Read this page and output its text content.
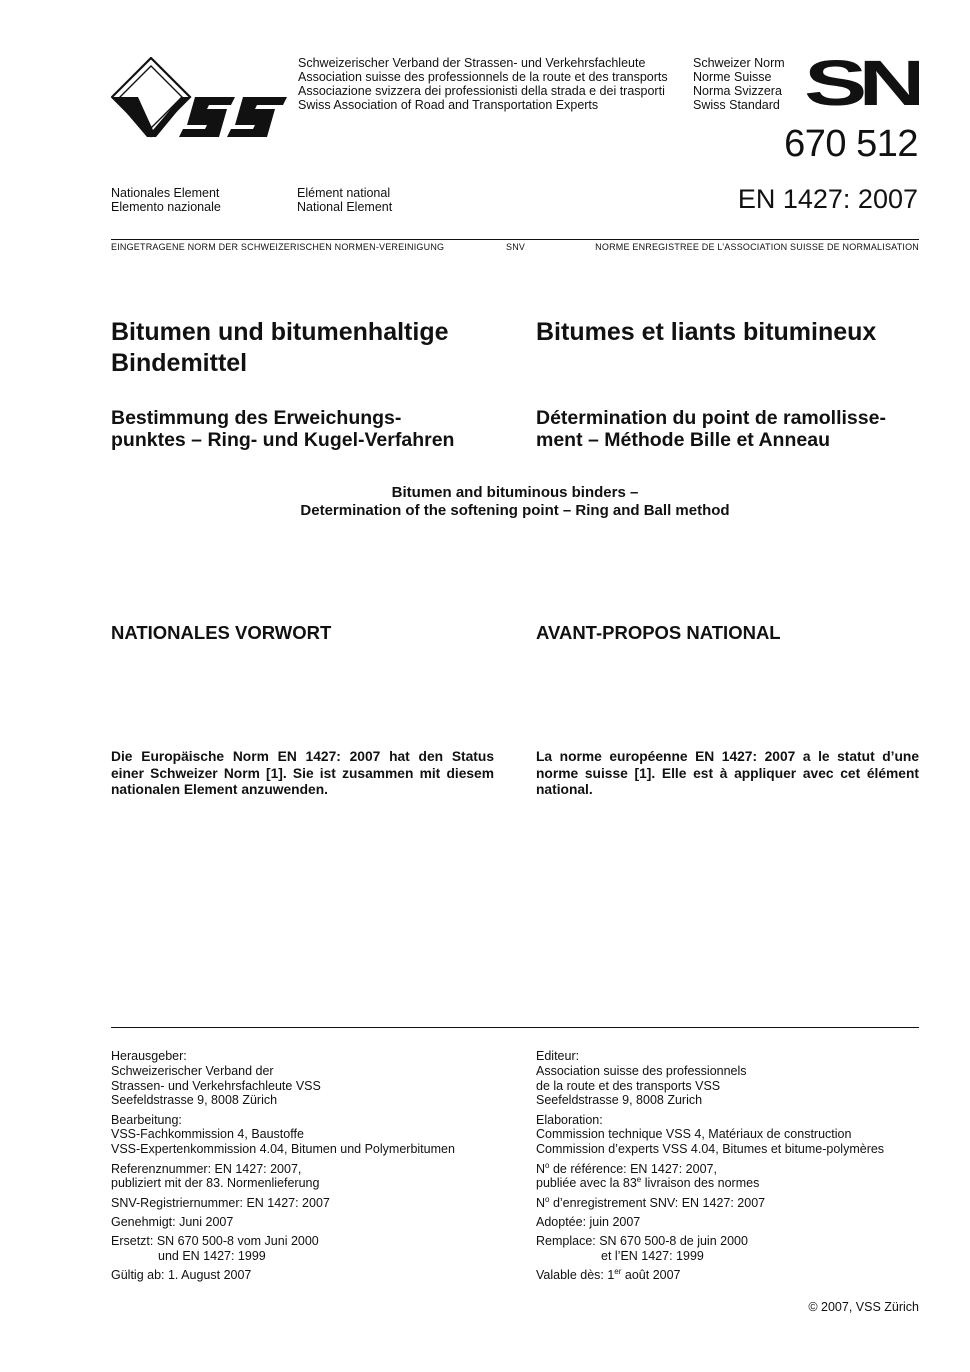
Schweizerischer Verband der Strassen- und Verkehrsfachleute
Association suisse des professionnels de la route et des transports
Associazione svizzera dei professionisti della strada e dei trasporti
Swiss Association of Road and Transportation Experts
Schweizer Norm
Norme Suisse
Norma Svizzera
Swiss Standard SN
670 512
EN 1427: 2007
Nationales Element
Elemento nazionale
Elément national
National Element
EINGETRAGENE NORM DER SCHWEIZERISCHEN NORMEN-VEREINIGUNG	SNV	NORME ENREGISTREE DE L’ASSOCIATION SUISSE DE NORMALISATION
Bitumen und bitumenhaltige
Bindemittel
Bitumes et liants bitumineux
Bestimmung des Erweichungs-
punktes – Ring- und Kugel-Verfahren
Détermination du point de ramollisse-
ment – Méthode Bille et Anneau
Bitumen and bituminous binders –
Determination of the softening point – Ring and Ball method
NATIONALES VORWORT	AVANT-PROPOS NATIONAL
Die Europäische Norm EN 1427: 2007 hat den Status
einer Schweizer Norm [1]. Sie ist zusammen mit diesem
nationalen Element anzuwenden.
La norme européenne EN 1427: 2007 a le statut d’une
norme suisse [1]. Elle est à appliquer avec cet élément
national.
Herausgeber:
Schweizerischer Verband der
Strassen- und Verkehrsfachleute VSS
Seefeldstrasse 9, 8008 Zürich
Bearbeitung:
VSS-Fachkommission 4, Baustoffe
VSS-Expertenkommission 4.04, Bitumen und Polymerbitumen
Referenznummer: EN 1427: 2007,
publiziert mit der 83. Normenlieferung
SNV-Registriernummer: EN 1427: 2007
Genehmigt: Juni 2007
Ersetzt: SN 670 500-8 vom Juni 2000
und EN 1427: 1999
Gültig ab: 1. August 2007
Editeur:
Association suisse des professionnels
de la route et des transports VSS
Seefeldstrasse 9, 8008 Zurich
Elaboration:
Commission technique VSS 4, Matériaux de construction
Commission d’experts VSS 4.04, Bitumes et bitume-polymères
$N^o$ de référence: EN 1427: 2007,
publiée avec la 83e livraison des normes
$N^o$ d’enregistrement SNV: EN 1427: 2007
Adoptée: juin 2007
Remplace: SN 670 500-8 de juin 2000
et l’EN 1427: 1999
Valable dès: 1er août 2007
© 2007, VSS Zürich
